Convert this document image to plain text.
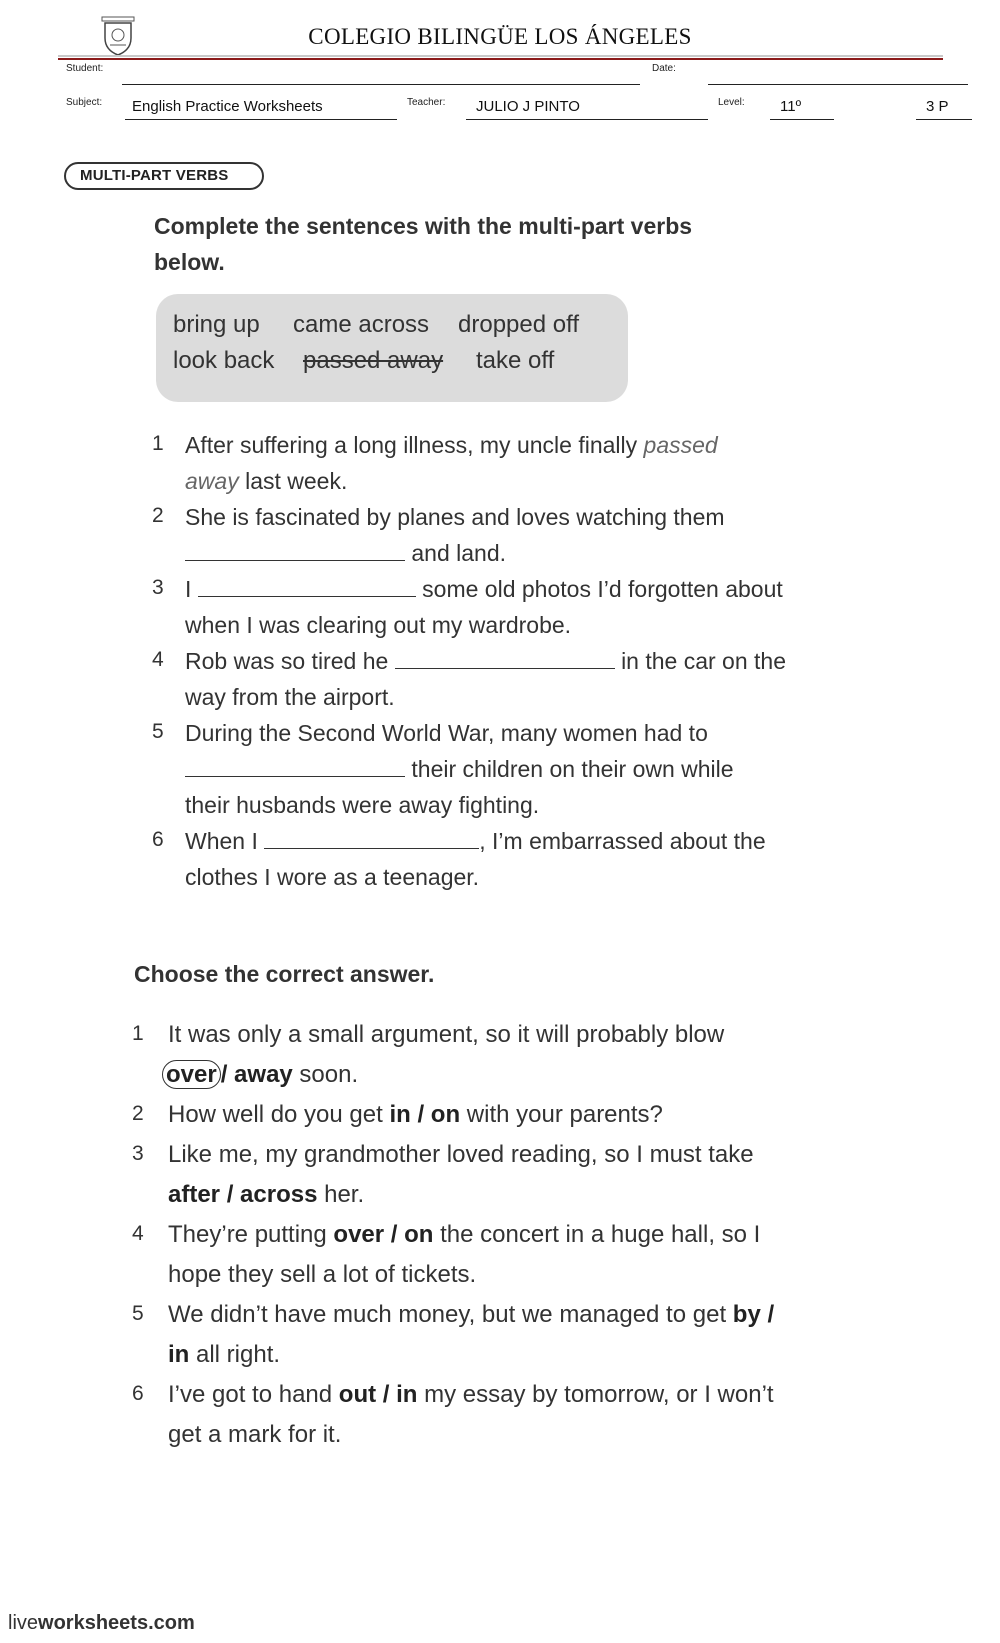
COLEGIO BILINGÜE LOS ÁNGELES
Student:	Date:
Subject: English Practice Worksheets	Teacher: JULIO J PINTO	Level: 11º	3 P
MULTI-PART VERBS
Complete the sentences with the multi-part verbs
below.
bring up came across dropped off
look back passed away take off
1 After suffering a long illness, my uncle finally passed
away last week.
2 She is fascinated by planes and loves watching them
and land.
3 I	some old photos I’d forgotten about
when I was clearing out my wardrobe.
4 Rob was so tired he	in the car on the
way from the airport.
5 During the Second World War, many women had to
their children on their own while
their husbands were away fighting.
6 When I	, I’m embarrassed about the
clothes I wore as a teenager.
Choose the correct answer.
1 It was only a small argument, so it will probably blow
over / away soon.
2 How well do you get in / on with your parents?
3 Like me, my grandmother loved reading, so I must take
after / across her.
4 They’re putting over / on the concert in a huge hall, so I
hope they sell a lot of tickets.
5 We didn’t have much money, but we managed to get by /
in all right.
6 I’ve got to hand out / in my essay by tomorrow, or I won’t
get a mark for it.
liveworksheets.com
